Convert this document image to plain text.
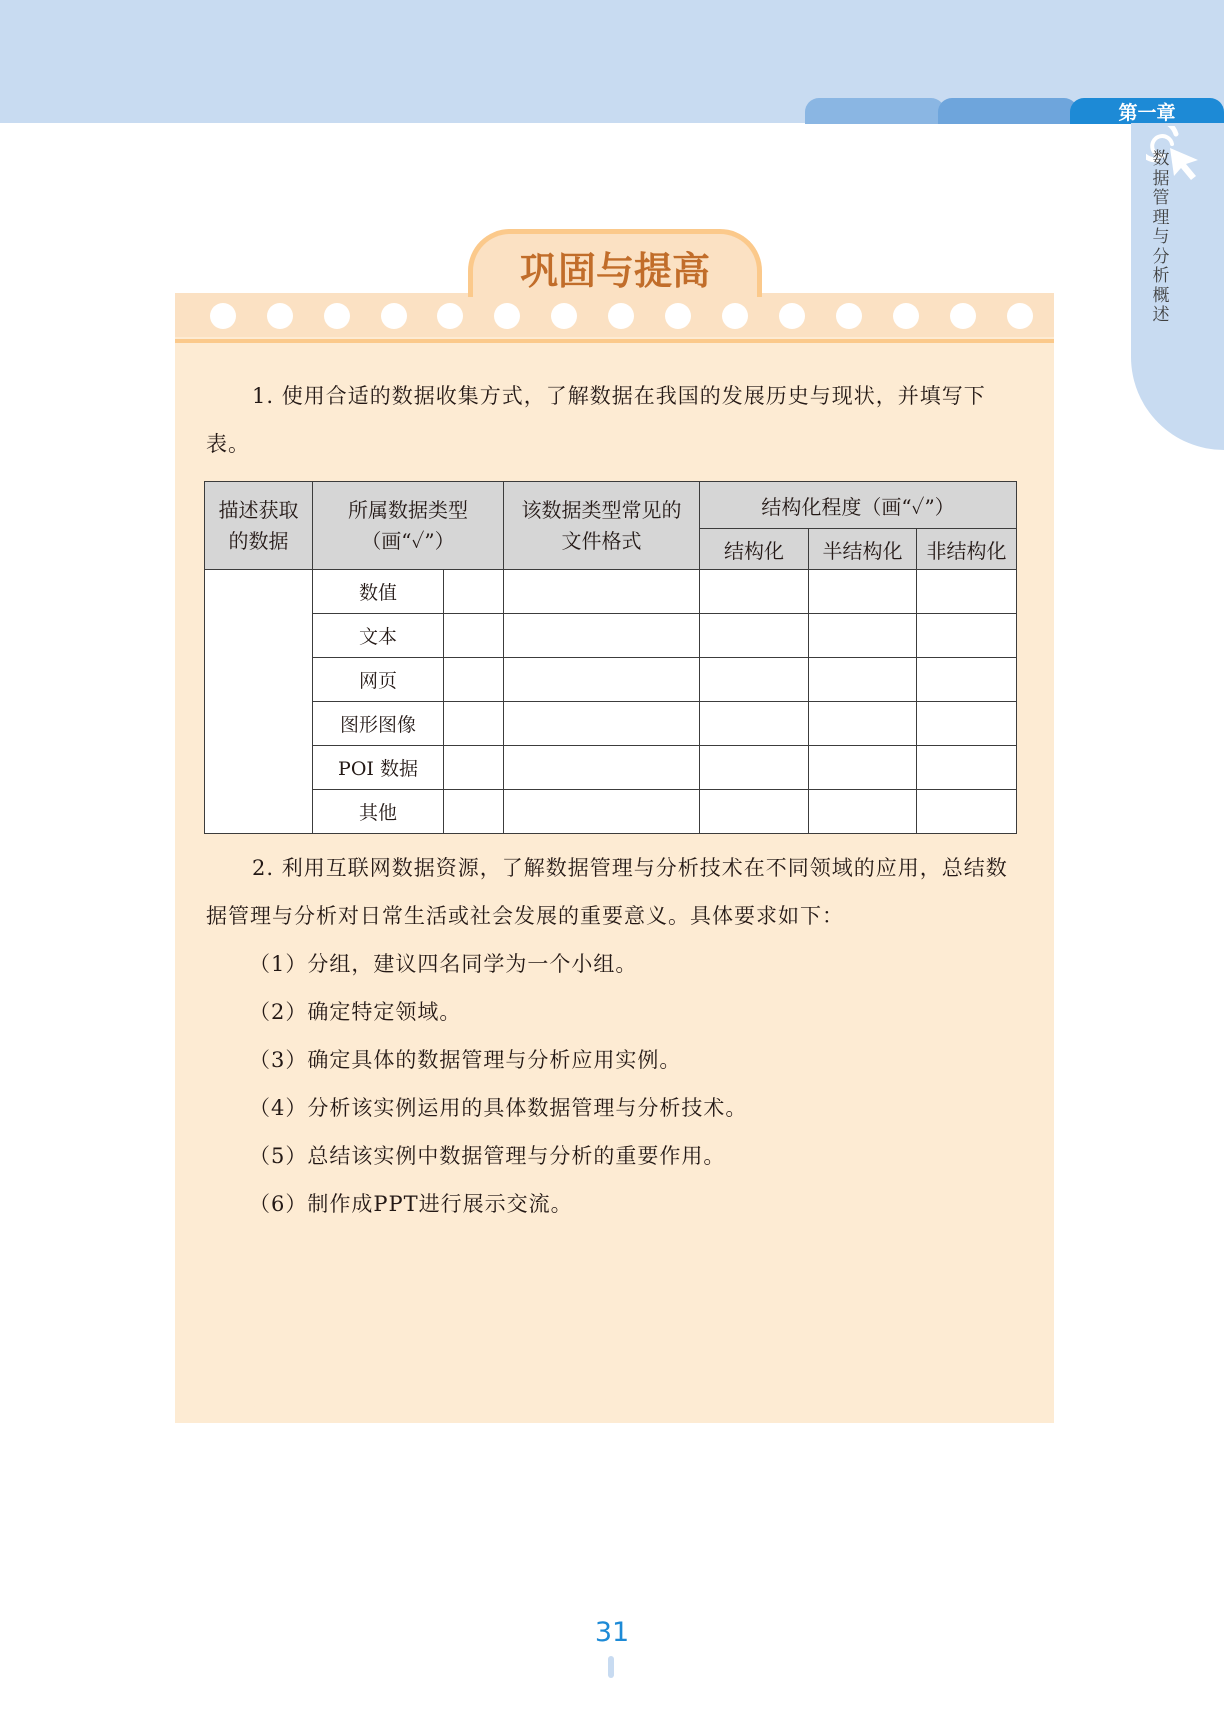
第一章
数据管理与分析概述
巩固与提高
1. 使用合适的数据收集方式，了解数据在我国的发展历史与现状，并填写下表。
描述获取的数据	所属数据类型（画“✓”）		该数据类型常见的文件格式	结构化程度（画“✓”）		
				结构化	半结构化	非结构化
	数值					
	文本					
	网页					
	图形图像					
	POI 数据					
	其他					
2. 利用互联网数据资源，了解数据管理与分析技术在不同领域的应用，总结数据管理与分析对日常生活或社会发展的重要意义。具体要求如下：
（1）分组，建议四名同学为一个小组。
（2）确定特定领域。
（3）确定具体的数据管理与分析应用实例。
（4）分析该实例运用的具体数据管理与分析技术。
（5）总结该实例中数据管理与分析的重要作用。
（6）制作成PPT进行展示交流。
31
